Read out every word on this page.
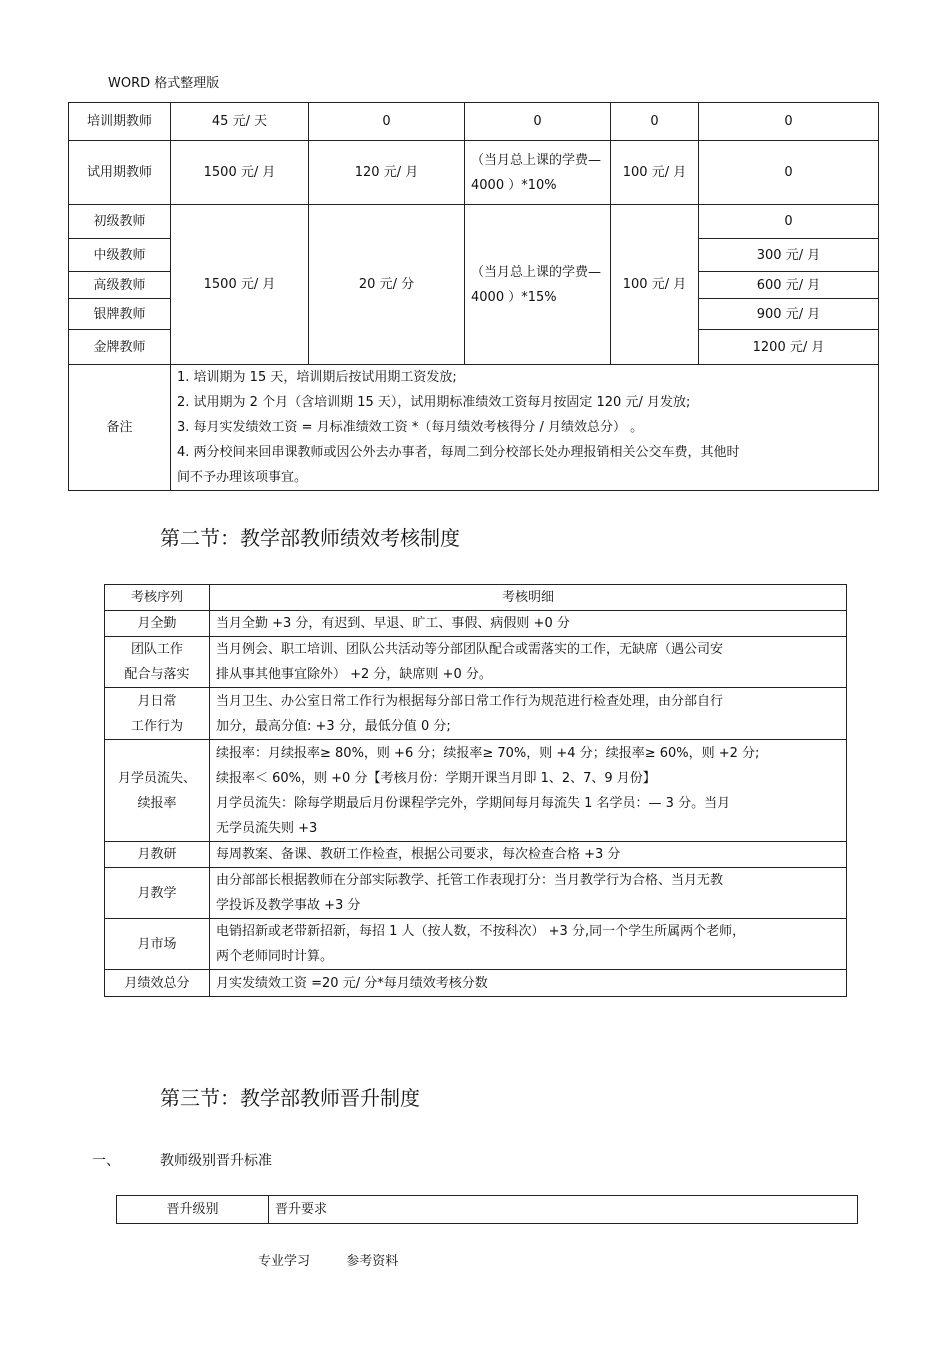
WORD 格式整理版
培训期教师	45 元/ 天	0	0	0	0
试用期教师	1500 元/ 月	120 元/ 月	（当月总上课的学费— 4000 ）*10%	100 元/ 月	0
初级教师	1500 元/ 月	20 元/ 分	（当月总上课的学费— 4000 ）*15%	100 元/ 月	0
中级教师					300 元/ 月
高级教师					600 元/ 月
银牌教师					900 元/ 月
金牌教师					1200 元/ 月
备注	1. 培训期为 15 天，培训期后按试用期工资发放;
2. 试用期为 2 个月（含培训期 15 天），试用期标准绩效工资每月按固定 120 元/ 月发放;
3. 每月实发绩效工资 = 月标准绩效工资 *（每月绩效考核得分 / 月绩效总分） 。
4. 两分校间来回串课教师或因公外去办事者，每周二到分校部长处办理报销相关公交车费，其他时
间不予办理该项事宜。				
第二节：教学部教师绩效考核制度
考核序列	考核明细

月全勤	当月全勤 +3 分，有迟到、早退、旷工、事假、病假则 +0 分

团队工作
配合与落实	当月例会、职工培训、团队公共活动等分部团队配合或需落实的工作，无缺席（遇公司安
排从事其他事宜除外） +2 分，缺席则 +0 分。

月日常
工作行为	当月卫生、办公室日常工作行为根据每分部日常工作行为规范进行检查处理，由分部自行
加分，最高分值: +3 分，最低分值 0 分;

月学员流失、
续报率	续报率：月续报率≥ 80%，则 +6 分；续报率≥ 70%，则 +4 分；续报率≥ 60%，则 +2 分;
续报率＜ 60%，则 +0 分【考核月份：学期开课当月即 1、2、7、9 月份】
月学员流失：除每学期最后月份课程学完外，学期间每月每流失 1 名学员：— 3 分。当月
无学员流失则 +3

月教研	每周教案、备课、教研工作检查，根据公司要求，每次检查合格 +3 分

月教学	由分部部长根据教师在分部实际教学、托管工作表现打分：当月教学行为合格、当月无教
学投诉及教学事故 +3 分

月市场	电销招新或老带新招新，每招 1 人（按人数，不按科次） +3 分,同一个学生所属两个老师，
两个老师同时计算。

月绩效总分	月实发绩效工资 =20 元/ 分*每月绩效考核分数
第三节：教学部教师晋升制度
一、	教师级别晋升标准
晋升级别	晋升要求
专业学习	参考资料
